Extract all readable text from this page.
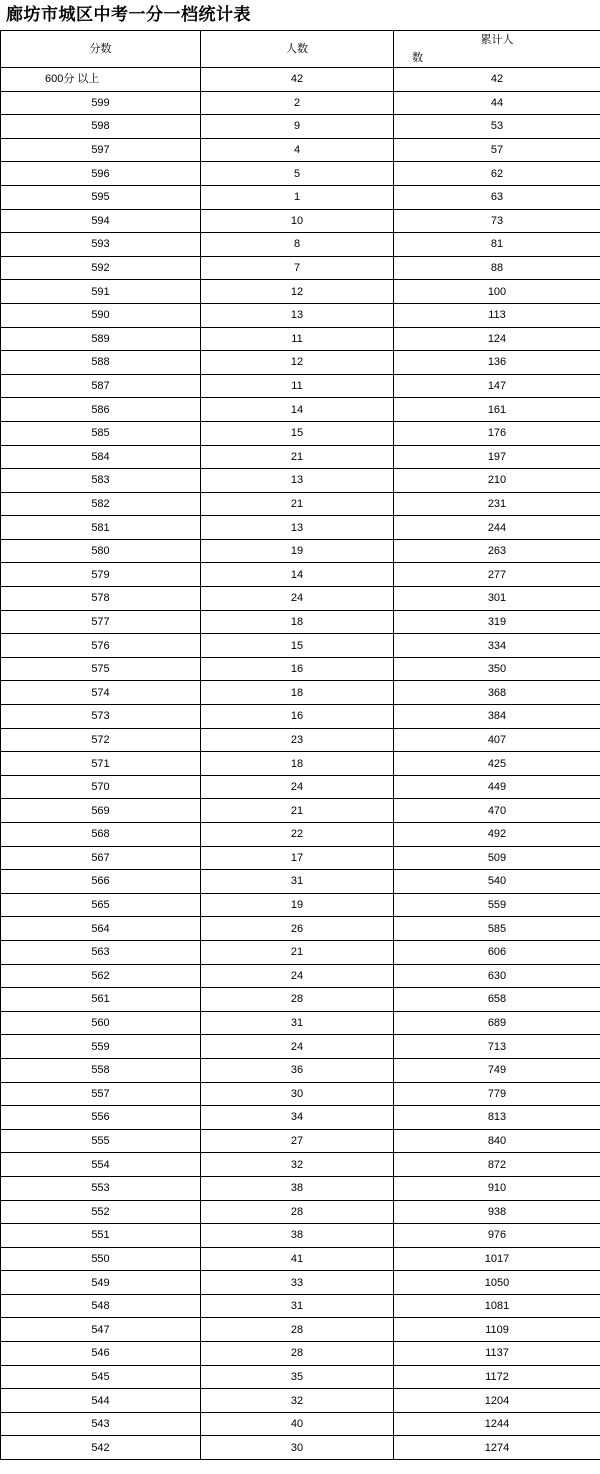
廊坊市城区中考一分一档统计表
分数	人数	累计人
数

600分 以上	42	42
599	2	44
598	9	53
597	4	57
596	5	62
595	1	63
594	10	73
593	8	81
592	7	88
591	12	100
590	13	113
589	11	124
588	12	136
587	11	147
586	14	161
585	15	176
584	21	197
583	13	210
582	21	231
581	13	244
580	19	263
579	14	277
578	24	301
577	18	319
576	15	334
575	16	350
574	18	368
573	16	384
572	23	407
571	18	425
570	24	449
569	21	470
568	22	492
567	17	509
566	31	540
565	19	559
564	26	585
563	21	606
562	24	630
561	28	658
560	31	689
559	24	713
558	36	749
557	30	779
556	34	813
555	27	840
554	32	872
553	38	910
552	28	938
551	38	976
550	41	1017
549	33	1050
548	31	1081
547	28	1109
546	28	1137
545	35	1172
544	32	1204
543	40	1244
542	30	1274
